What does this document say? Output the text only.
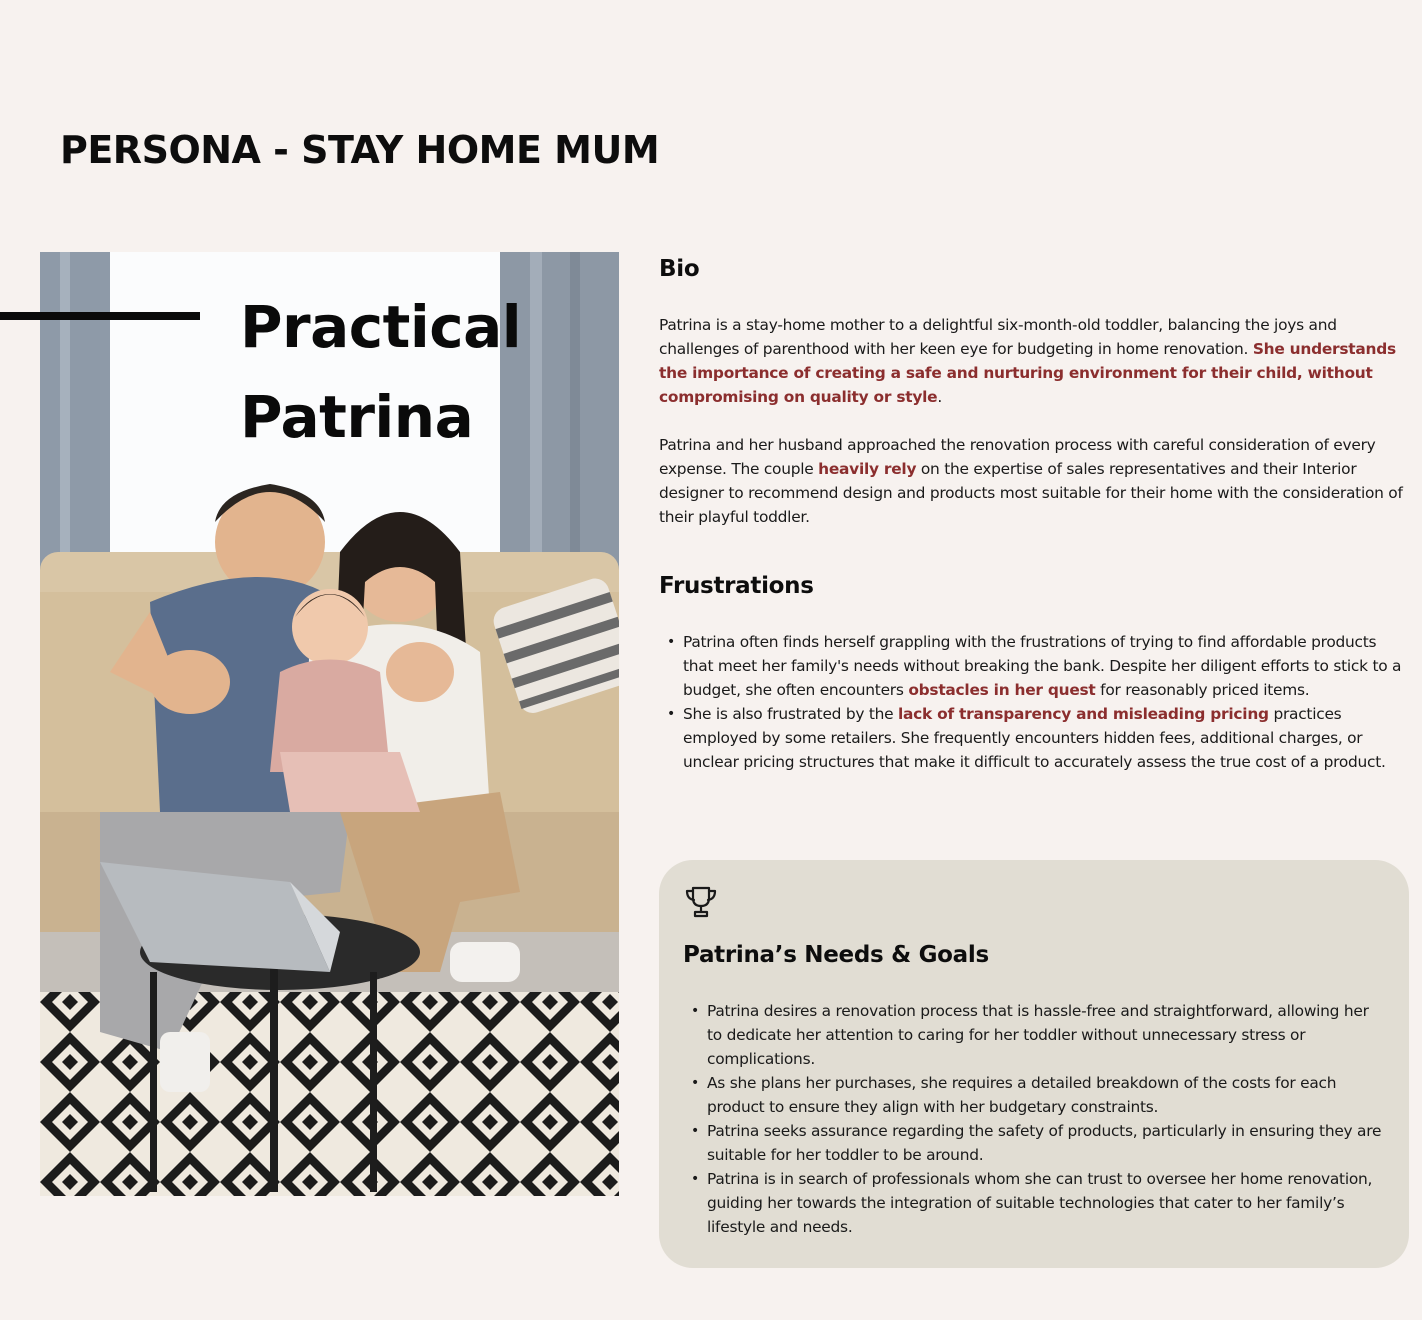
PERSONA - STAY HOME MUM
Practical
Patrina
Bio

Patrina is a stay-home mother to a delightful six-month-old toddler, balancing the joys and challenges of parenthood with her keen eye for budgeting in home renovation. She understands the importance of creating a safe and nurturing environment for their child, without compromising on quality or style.

Patrina and her husband approached the renovation process with careful consideration of every expense. The couple heavily rely on the expertise of sales representatives and their Interior designer to recommend design and products most suitable for their home with the consideration of their playful toddler.

Frustrations
• Patrina often finds herself grappling with the frustrations of trying to find affordable products that meet her family's needs without breaking the bank. Despite her diligent efforts to stick to a budget, she often encounters obstacles in her quest for reasonably priced items.
• She is also frustrated by the lack of transparency and misleading pricing practices employed by some retailers. She frequently encounters hidden fees, additional charges, or unclear pricing structures that make it difficult to accurately assess the true cost of a product.
Patrina’s Needs & Goals
• Patrina desires a renovation process that is hassle-free and straightforward, allowing her to dedicate her attention to caring for her toddler without unnecessary stress or complications.
• As she plans her purchases, she requires a detailed breakdown of the costs for each product to ensure they align with her budgetary constraints.
• Patrina seeks assurance regarding the safety of products, particularly in ensuring they are suitable for her toddler to be around.
• Patrina is in search of professionals whom she can trust to oversee her home renovation, guiding her towards the integration of suitable technologies that cater to her family’s lifestyle and needs.
